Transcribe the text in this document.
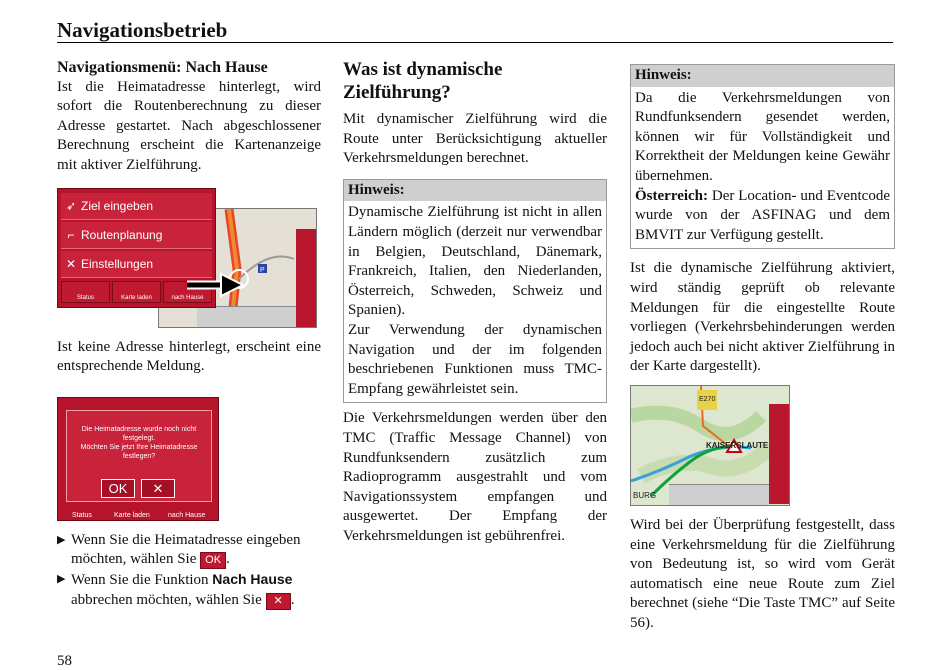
Navigationsbetrieb
Navigationsmenü: Nach Hause

Ist die Heimatadresse hinterlegt, wird sofort die Routenberechnung zu dieser Adresse gestartet. Nach abgeschlossener Berechnung erscheint die Kartenanzeige mit aktiver Zielführung.

P
➶ Ziel eingeben
⌐ Routenplanung
✕ Einstellungen
Status	Karte laden	nach Hause

Ist keine Adresse hinterlegt, erscheint eine entsprechende Meldung.

Die Heimatadresse wurde noch nicht festgelegt.
Möchten Sie jetzt Ihre Heimatadresse festlegen?
OK	✕
Status	Karte laden	nach Hause
▶ Wenn Sie die Heimatadresse eingeben möchten, wählen Sie OK .
▶ Wenn Sie die Funktion Nach Hause abbrechen möchten, wählen Sie ✕ .
Was ist dynamische Zielführung?

Mit dynamischer Zielführung wird die Route unter Berücksichtigung aktueller Verkehrsmeldungen berechnet.

Hinweis:

Dynamische Zielführung ist nicht in allen Ländern möglich (derzeit nur verwendbar in Belgien, Deutschland, Dänemark, Frankreich, Italien, den Niederlanden, Österreich, Schweden, Schweiz und Spanien).

Zur Verwendung der dynamischen Navigation und der im folgenden beschriebenen Funktionen muss TMC-Empfang gewährleistet sein.

Die Verkehrsmeldungen werden über den TMC (Traffic Message Channel) von Rundfunksendern zusätzlich zum Radioprogramm ausgestrahlt und vom Navigationssystem empfangen und ausgewertet. Der Empfang der Verkehrsmeldungen ist gebührenfrei.

Hinweis:

Da die Verkehrsmeldungen von Rundfunksendern gesendet werden, können wir für Vollständigkeit und Korrektheit der Meldungen keine Gewähr übernehmen.

Österreich: Der Location- und Eventcode wurde von der ASFINAG und dem BMVIT zur Verfügung gestellt.

Ist die dynamische Zielführung aktiviert, wird ständig geprüft ob relevante Meldungen für die eingestellte Route vorliegen (Verkehrsbehinderungen werden jedoch auch bei nicht aktiver Zielführung in der Karte dargestellt).

E270
KAISERSLAUTE
BURG

Wird bei der Überprüfung festgestellt, dass eine Verkehrsmeldung für die Zielführung von Bedeutung ist, so wird vom Gerät automatisch eine neue Route zum Ziel berechnet (siehe “Die Taste TMC” auf Seite 56).

58
